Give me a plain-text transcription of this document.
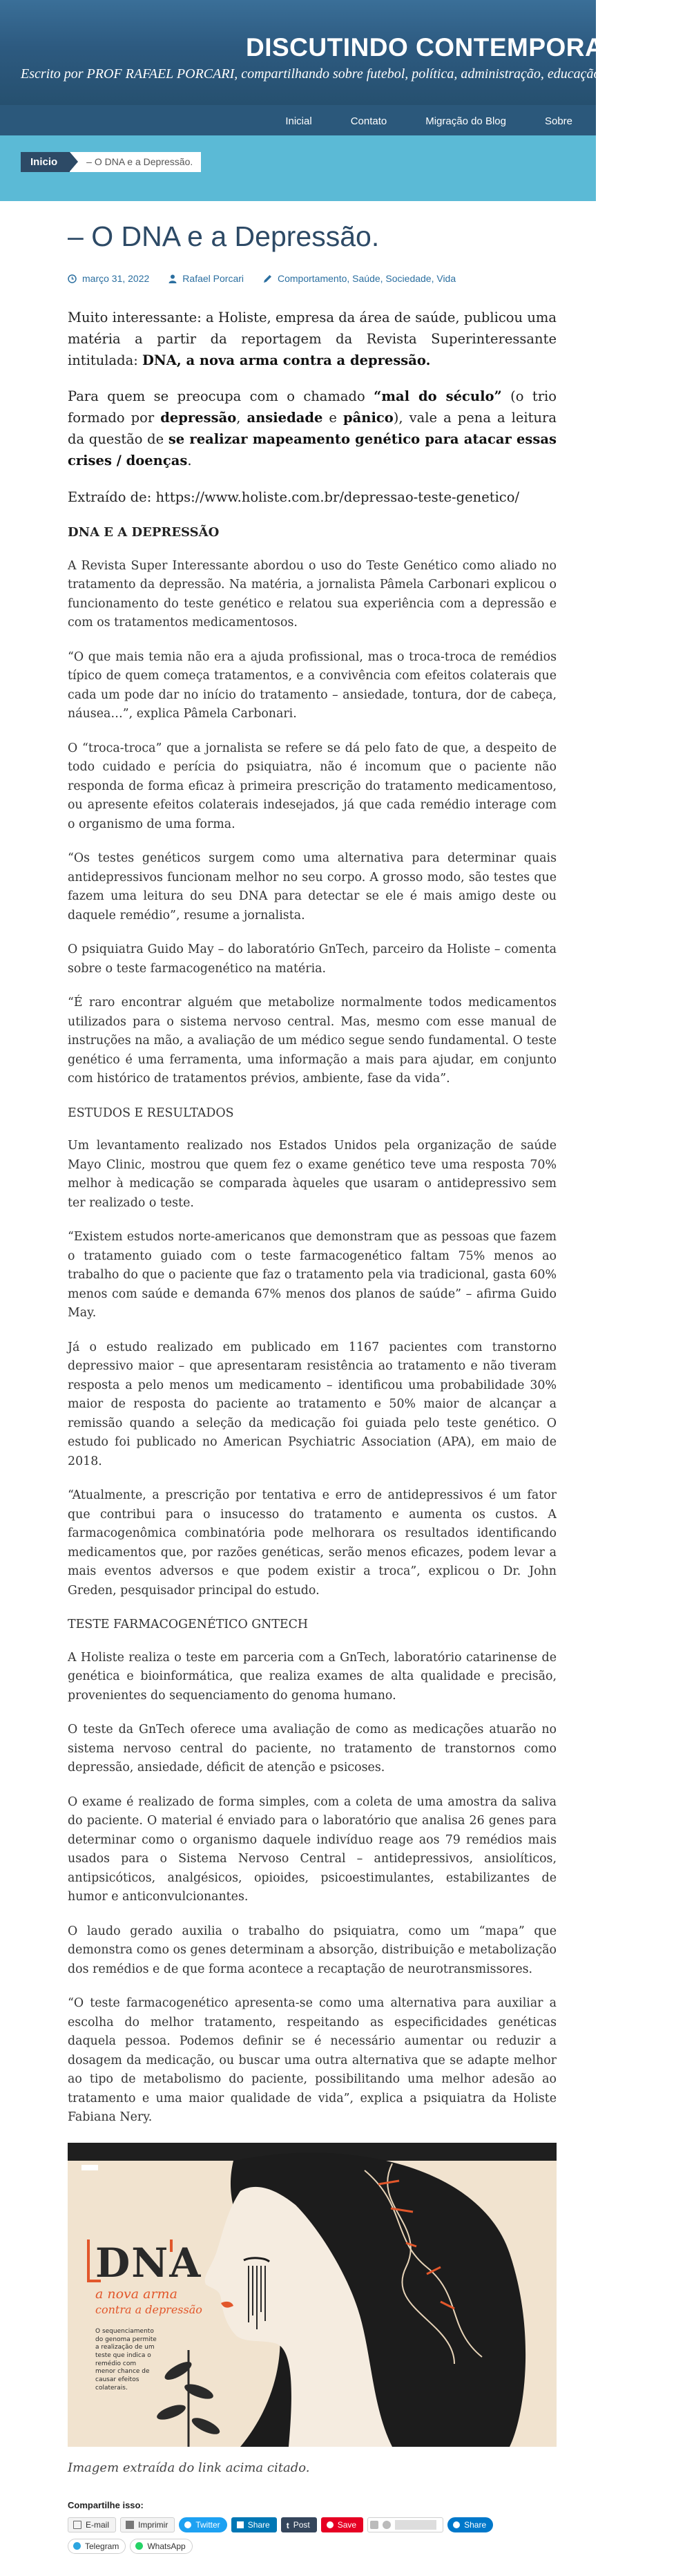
DISCUTINDO CONTEMPORANEIDA
Escrito por PROF RAFAEL PORCARI, compartilhando sobre futebol, política, administração, educação,
Inicial	Contato	Migração do Blog	Sobre
Inicio	– O DNA e a Depressão.
– O DNA e a Depressão.
março 31, 2022	Rafael Porcari	Comportamento, Saúde, Sociedade, Vida

Muito interessante: a Holiste, empresa da área de saúde, publicou uma matéria a partir da reportagem da Revista Superinteressante intitulada: DNA, a nova arma contra a depressão.

Para quem se preocupa com o chamado “mal do século” (o trio formado por depressão, ansiedade e pânico), vale a pena a leitura da questão de se realizar mapeamento genético para atacar essas crises / doenças.

Extraído de: https://www.holiste.com.br/depressao-teste-genetico/

DNA E A DEPRESSÃO

A Revista Super Interessante abordou o uso do Teste Genético como aliado no tratamento da depressão. Na matéria, a jornalista Pâmela Carbonari explicou o funcionamento do teste genético e relatou sua experiência com a depressão e com os tratamentos medicamentosos.

“O que mais temia não era a ajuda profissional, mas o troca-troca de remédios típico de quem começa tratamentos, e a convivência com efeitos colaterais que cada um pode dar no início do tratamento – ansiedade, tontura, dor de cabeça, náusea…”, explica Pâmela Carbonari.

O “troca-troca” que a jornalista se refere se dá pelo fato de que, a despeito de todo cuidado e perícia do psiquiatra, não é incomum que o paciente não responda de forma eficaz à primeira prescrição do tratamento medicamentoso, ou apresente efeitos colaterais indesejados, já que cada remédio interage com o organismo de uma forma.

“Os testes genéticos surgem como uma alternativa para determinar quais antidepressivos funcionam melhor no seu corpo. A grosso modo, são testes que fazem uma leitura do seu DNA para detectar se ele é mais amigo deste ou daquele remédio”, resume a jornalista.

O psiquiatra Guido May – do laboratório GnTech, parceiro da Holiste – comenta sobre o teste farmacogenético na matéria.

“É raro encontrar alguém que metabolize normalmente todos medicamentos utilizados para o sistema nervoso central. Mas, mesmo com esse manual de instruções na mão, a avaliação de um médico segue sendo fundamental. O teste genético é uma ferramenta, uma informação a mais para ajudar, em conjunto com histórico de tratamentos prévios, ambiente, fase da vida”.

ESTUDOS E RESULTADOS

Um levantamento realizado nos Estados Unidos pela organização de saúde Mayo Clinic, mostrou que quem fez o exame genético teve uma resposta 70% melhor à medicação se comparada àqueles que usaram o antidepressivo sem ter realizado o teste.

“Existem estudos norte-americanos que demonstram que as pessoas que fazem o tratamento guiado com o teste farmacogenético faltam 75% menos ao trabalho do que o paciente que faz o tratamento pela via tradicional, gasta 60% menos com saúde e demanda 67% menos dos planos de saúde” – afirma Guido May.

Já o estudo realizado em publicado em 1167 pacientes com transtorno depressivo maior – que apresentaram resistência ao tratamento e não tiveram resposta a pelo menos um medicamento – identificou uma probabilidade 30% maior de resposta do paciente ao tratamento e 50% maior de alcançar a remissão quando a seleção da medicação foi guiada pelo teste genético. O estudo foi publicado no American Psychiatric Association (APA), em maio de 2018.

“Atualmente, a prescrição por tentativa e erro de antidepressivos é um fator que contribui para o insucesso do tratamento e aumenta os custos. A farmacogenômica combinatória pode melhorara os resultados identificando medicamentos que, por razões genéticas, serão menos eficazes, podem levar a mais eventos adversos e que podem existir a troca”, explicou o Dr. John Greden, pesquisador principal do estudo.

TESTE FARMACOGENÉTICO GNTECH

A Holiste realiza o teste em parceria com a GnTech, laboratório catarinense de genética e bioinformática, que realiza exames de alta qualidade e precisão, provenientes do sequenciamento do genoma humano.

O teste da GnTech oferece uma avaliação de como as medicações atuarão no sistema nervoso central do paciente, no tratamento de transtornos como depressão, ansiedade, déficit de atenção e psicoses.

O exame é realizado de forma simples, com a coleta de uma amostra da saliva do paciente. O material é enviado para o laboratório que analisa 26 genes para determinar como o organismo daquele indivíduo reage aos 79 remédios mais usados para o Sistema Nervoso Central – antidepressivos, ansiolíticos, antipsicóticos, analgésicos, opioides, psicoestimulantes, estabilizantes de humor e anticonvulcionantes.

O laudo gerado auxilia o trabalho do psiquiatra, como um “mapa” que demonstra como os genes determinam a absorção, distribuição e metabolização dos remédios e de que forma acontece a recaptação de neurotransmissores.

“O teste farmacogenético apresenta-se como uma alternativa para auxiliar a escolha do melhor tratamento, respeitando as especificidades genéticas daquela pessoa. Podemos definir se é necessário aumentar ou reduzir a dosagem da medicação, ou buscar uma outra alternativa que se adapte melhor ao tipo de metabolismo do paciente, possibilitando uma melhor adesão ao tratamento e uma maior qualidade de vida”, explica a psiquiatra da Holiste Fabiana Nery.

DNA
a nova arma
contra a depressão
O sequenciamento do genoma permite a realização de um teste que indica o remédio com menor chance de causar efeitos colaterais.

Imagem extraída do link acima citado.

Compartilhe isso:
E-mail	Imprimir	Twitter	Share t Post	Save	Share
Telegram	WhatsApp
